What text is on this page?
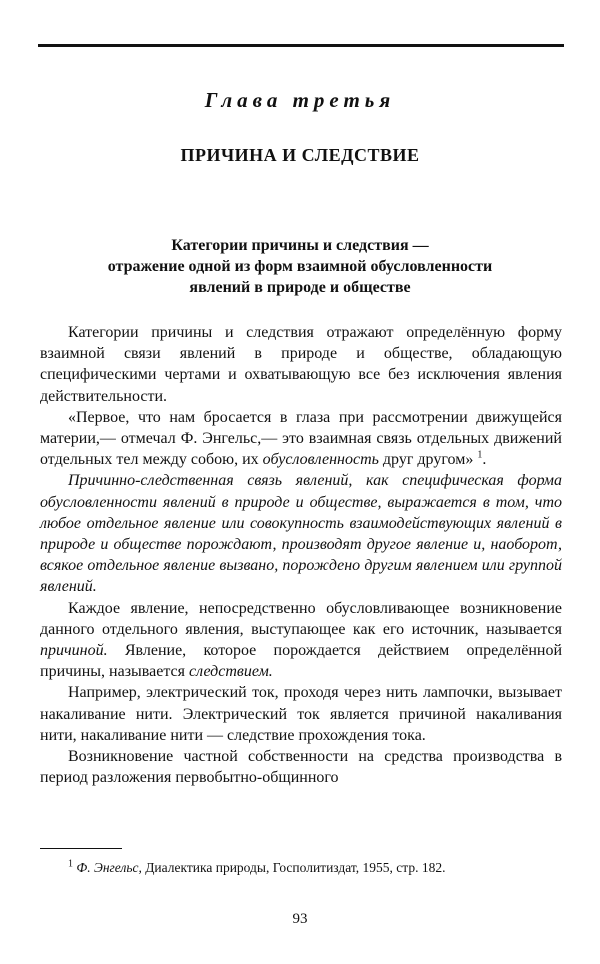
Глава третья
ПРИЧИНА И СЛЕДСТВИЕ
Категории причины и следствия —
отражение одной из форм взаимной обусловленности
явлений в природе и обществе

Категории причины и следствия отражают определённую форму взаимной связи явлений в природе и обществе, обладающую специфическими чертами и охватывающую все без исключения явления действительности.

«Первое, что нам бросается в глаза при рассмотрении движущейся материи,— отмечал Ф. Энгельс,— это взаимная связь отдельных движений отдельных тел между собою, их обусловленность друг другом» $^1$.

Причинно-следственная связь явлений, как специфическая форма обусловленности явлений в природе и обществе, выражается в том, что любое отдельное явление или совокупность взаимодействующих явлений в природе и обществе порождают, производят другое явление и, наоборот, всякое отдельное явление вызвано, порождено другим явлением или группой явлений.

Каждое явление, непосредственно обусловливающее возникновение данного отдельного явления, выступающее как его источник, называется причиной. Явление, которое порождается действием определённой причины, называется следствием.

Например, электрический ток, проходя через нить лампочки, вызывает накаливание нити. Электрический ток является причиной накаливания нити, накаливание нити — следствие прохождения тока.

Возникновение частной собственности на средства производства в период разложения первобытно-общинного

$^1$ Ф. Энгельс, Диалектика природы, Госполитиздат, 1955, стр. 182.
93
